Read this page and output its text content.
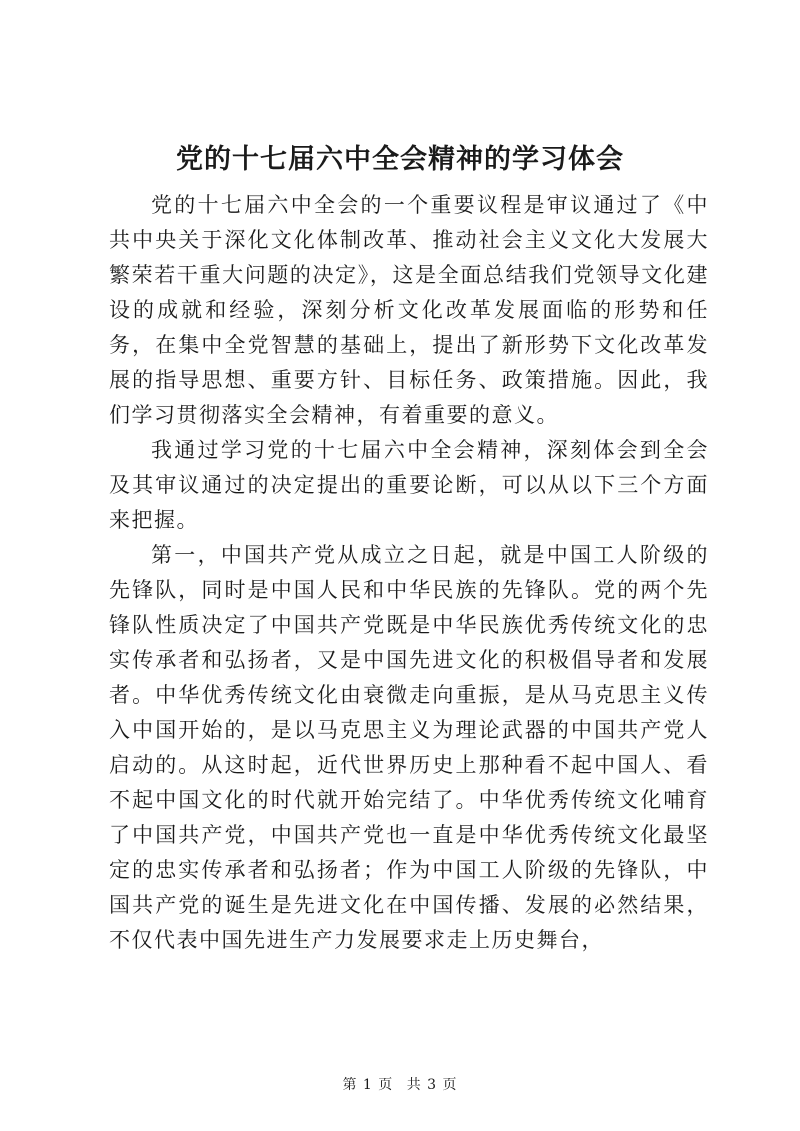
党的十七届六中全会精神的学习体会

党的十七届六中全会的一个重要议程是审议通过了《中共中央关于深化文化体制改革、推动社会主义文化大发展大繁荣若干重大问题的决定》，这是全面总结我们党领导文化建设的成就和经验，深刻分析文化改革发展面临的形势和任务，在集中全党智慧的基础上，提出了新形势下文化改革发展的指导思想、重要方针、目标任务、政策措施。因此，我们学习贯彻落实全会精神，有着重要的意义。

我通过学习党的十七届六中全会精神，深刻体会到全会及其审议通过的决定提出的重要论断，可以从以下三个方面来把握。

第一，中国共产党从成立之日起，就是中国工人阶级的先锋队，同时是中国人民和中华民族的先锋队。党的两个先锋队性质决定了中国共产党既是中华民族优秀传统文化的忠实传承者和弘扬者，又是中国先进文化的积极倡导者和发展者。中华优秀传统文化由衰微走向重振，是从马克思主义传入中国开始的，是以马克思主义为理论武器的中国共产党人启动的。从这时起，近代世界历史上那种看不起中国人、看不起中国文化的时代就开始完结了。中华优秀传统文化哺育了中国共产党，中国共产党也一直是中华优秀传统文化最坚定的忠实传承者和弘扬者；作为中国工人阶级的先锋队，中国共产党的诞生是先进文化在中国传播、发展的必然结果，不仅代表中国先进生产力发展要求走上历史舞台，

第 1 页 共 3 页
